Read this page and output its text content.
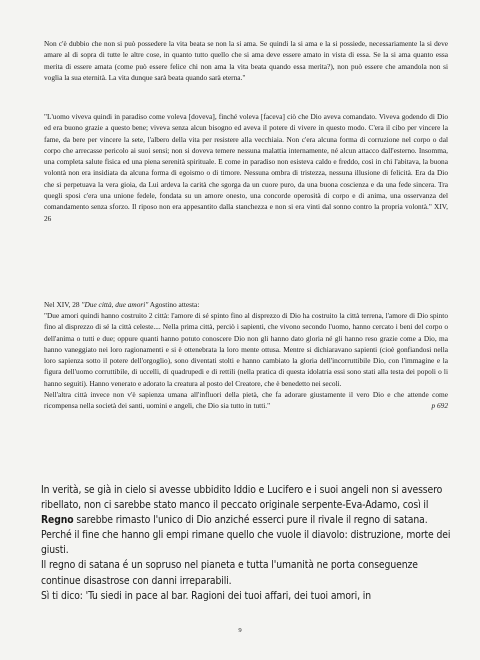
Non c'è dubbio che non si può possedere la vita beata se non la si ama. Se quindi la si ama e la si possiede, necessariamente la si deve amare al di sopra di tutte le altre cose, in quanto tutto quello che si ama deve essere amato in vista di essa. Se la si ama quanto essa merita di essere amata (come può essere felice chi non ama la vita beata quando essa merita?), non può essere che amandola non si voglia la sua eternità. La vita dunque sarà beata quando sarà eterna."

"L'uomo viveva quindi in paradiso come voleva [doveva], finché voleva [faceva] ciò che Dio aveva comandato. Viveva godendo di Dio ed era buono grazie a questo bene; viveva senza alcun bisogno ed aveva il potere di vivere in questo modo. C'era il cibo per vincere la fame, da bere per vincere la sete, l'albero della vita per resistere alla vecchiaia. Non c'era alcuna forma di corruzione nel corpo o dal corpo che arrecasse pericolo ai suoi sensi; non si doveva temere nessuna malattia internamente, né alcun attacco dall'esterno. Insomma, una completa salute fisica ed una piena serenità spirituale. E come in paradiso non esisteva caldo e freddo, così in chi l'abitava, la buona volontà non era insidiata da alcuna forma di egoismo o di timore. Nessuna ombra di tristezza, nessuna illusione di felicità. Era da Dio che si perpetuava la vera gioia, da Lui ardeva la carità che sgorga da un cuore puro, da una buona coscienza e da una fede sincera. Tra quegli sposi c'era una unione fedele, fondata su un amore onesto, una concorde operosità di corpo e di anima, una osservanza del comandamento senza sforzo. Il riposo non era appesantito dalla stanchezza e non si era vinti dal sonno contro la propria volontà." XIV, 26

Nel XIV, 28 "Due città, due amori" Agostino attesta:

"Due amori quindi hanno costruito 2 città: l'amore di sé spinto fino al disprezzo di Dio ha costruito la città terrena, l'amore di Dio spinto fino al disprezzo di sé la città celeste.... Nella prima città, perciò i sapienti, che vivono secondo l'uomo, hanno cercato i beni del corpo o dell'anima o tutti e due; oppure quanti hanno potuto conoscere Dio non gli hanno dato gloria né gli hanno reso grazie come a Dio, ma hanno vaneggiato nei loro ragionamenti e si è ottenebrata la loro mente ottusa. Mentre si dichiaravano sapienti (cioè gonfiandosi nella loro sapienza sotto il potere dell'orgoglio), sono diventati stolti e hanno cambiato la gloria dell'incorruttibile Dio, con l'immagine e la figura dell'uomo corruttibile, di uccelli, di quadrupedi e di rettili (nella pratica di questa idolatria essi sono stati alla testa dei popoli o li hanno seguiti). Hanno venerato e adorato la creatura al posto del Creatore, che è benedetto nei secoli.

Nell'altra città invece non v'è sapienza umana all'influori della pietà, che fa adorare giustamente il vero Dio e che attende come ricompensa nella società dei santi, uomini e angeli, che Dio sia tutto in tutti."	p 692

In verità, se già in cielo si avesse ubbidito Iddio e Lucifero e i suoi angeli non si avessero ribellato, non ci sarebbe stato manco il peccato originale serpente-Eva-Adamo, così il Regno sarebbe rimasto l'unico di Dio anziché esserci pure il rivale il regno di satana. Perché il fine che hanno gli empi rimane quello che vuole il diavolo: distruzione, morte dei giusti.

Il regno di satana é un sopruso nel pianeta e tutta l'umanità ne porta conseguenze continue disastrose con danni irreparabili.

Sì ti dico: 'Tu siedi in pace al bar. Ragioni dei tuoi affari, dei tuoi amori, in

9
